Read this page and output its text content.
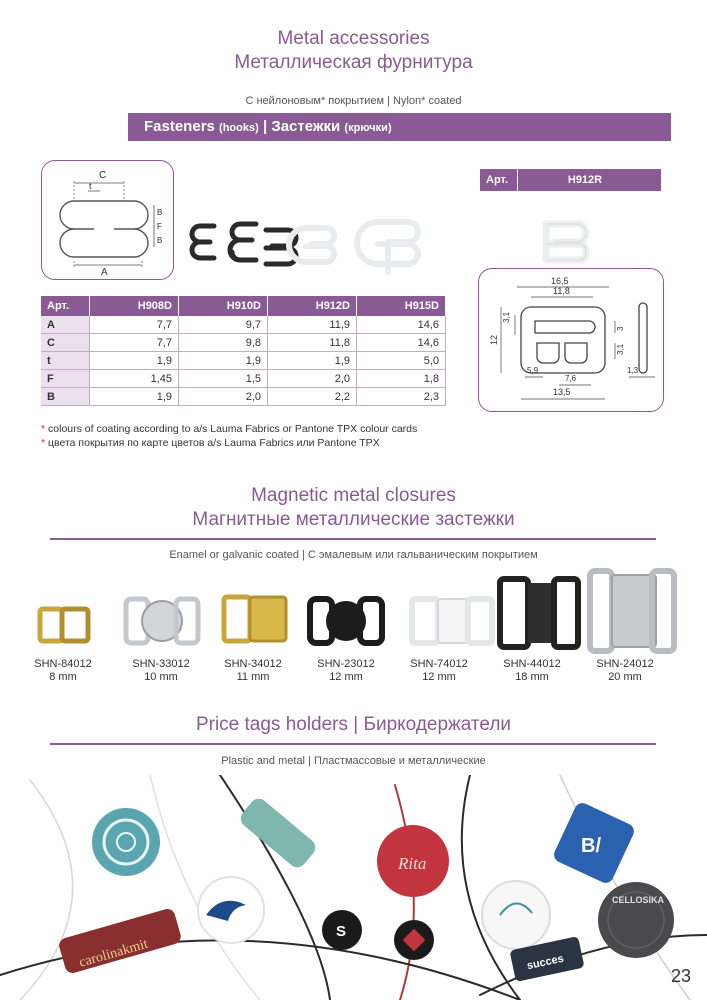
Metal accessories
Металлическая фурнитура
С нейлоновым* покрытием | Nylon* coated
Fasteners (hooks) | Застежки (крючки)
C
t
A
B
F
B
Арт.	H912R
16,5
11,8
3,1
12
3
3,1
5,9
7,6
13,5
1,3
Арт.	H908D	H910D	H912D	H915D
A	7,7	9,7	11,9	14,6
C	7,7	9,8	11,8	14,6
t	1,9	1,9	1,9	5,0
F	1,45	1,5	2,0	1,8
B	1,9	2,0	2,2	2,3
* colours of coating according to a/s Lauma Fabrics or Pantone TPX colour cards
* цвета покрытия по карте цветов a/s Lauma Fabrics или Pantone TPX
Magnetic metal closures
Магнитные металлические застежки
Enamel or galvanic coated | С эмалевым или гальваническим покрытием
SHN-84012
8 mm
SHN-33012
10 mm
SHN-34012
11 mm
SHN-23012
12 mm
SHN-74012
12 mm
SHN-44012
18 mm
SHN-24012
20 mm
Price tags holders | Биркодержатели
Plastic and metal | Пластмассовые и металлические
Rita
B/
carolinakmit
S
succes
CELLOSIKA
23
